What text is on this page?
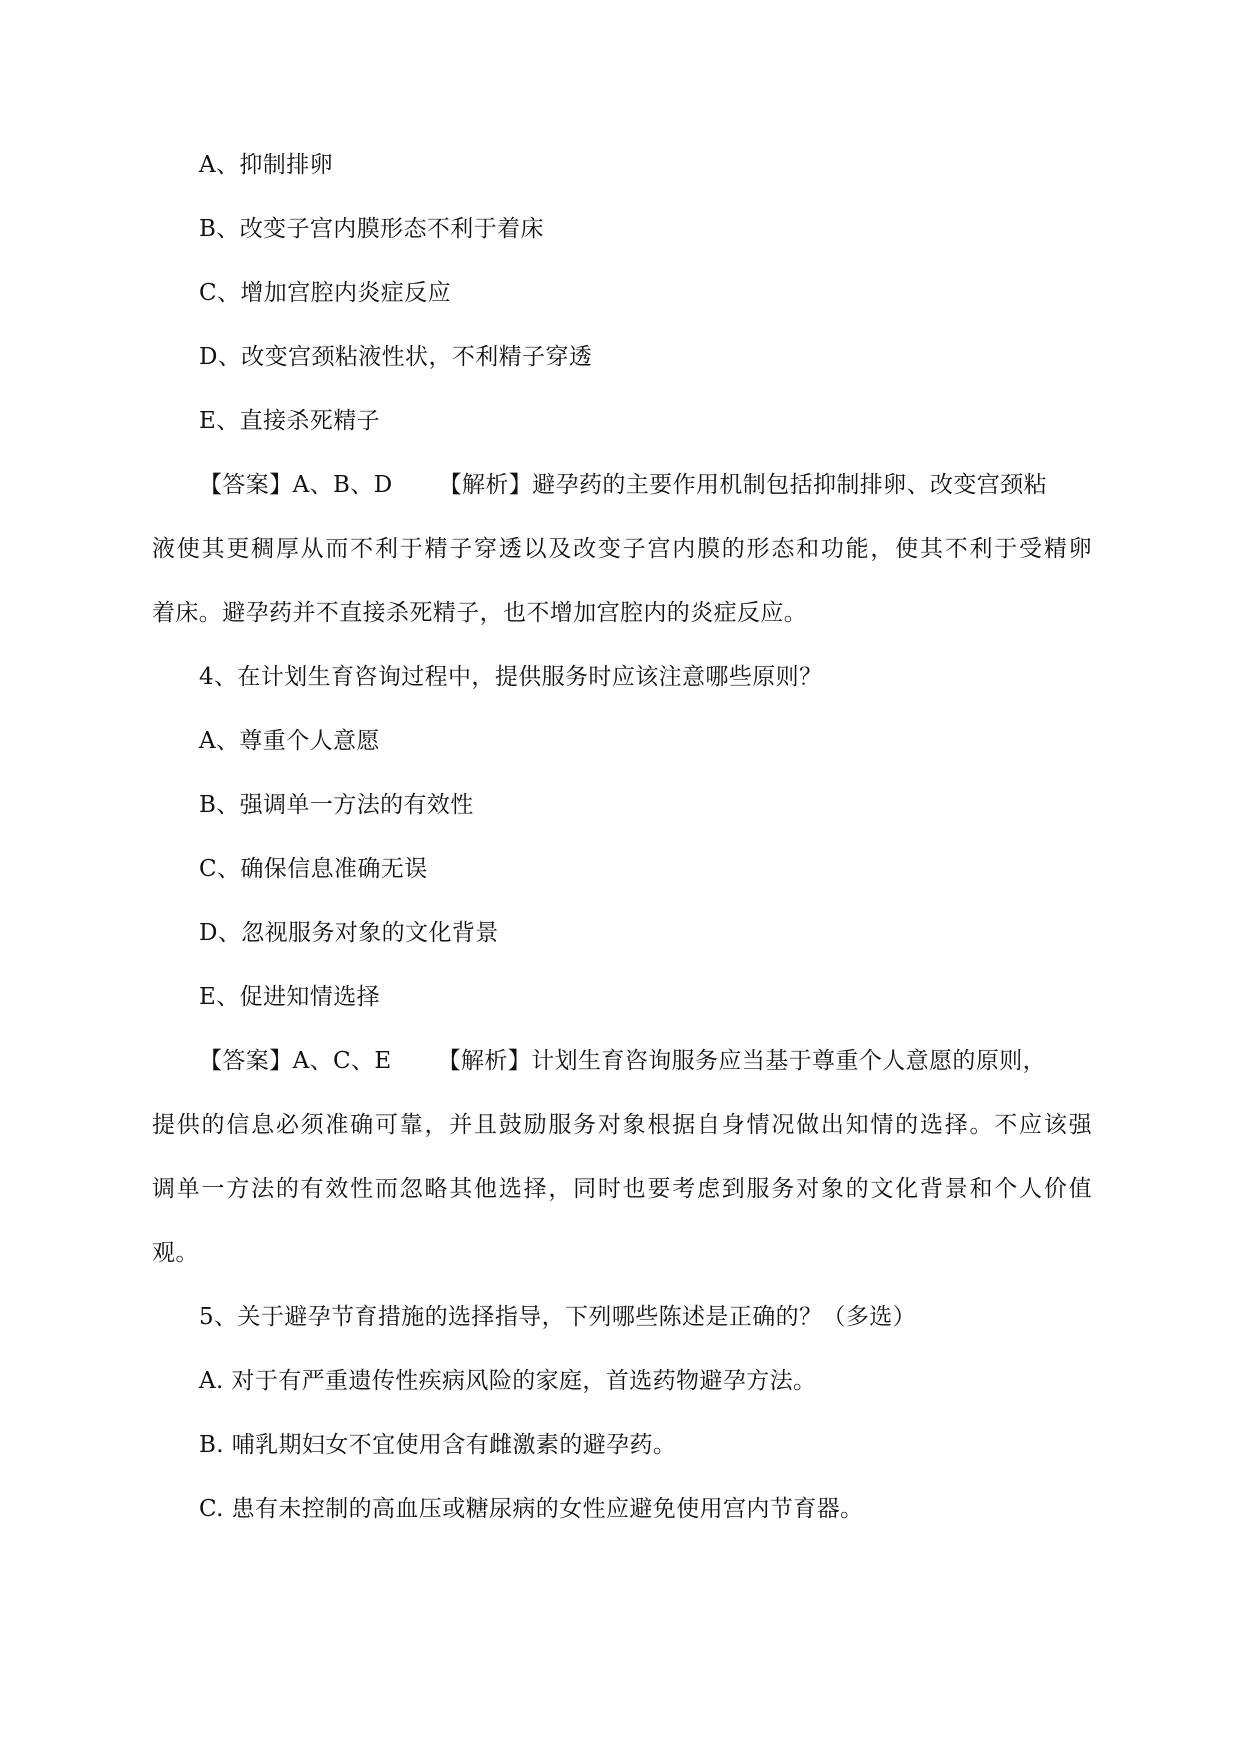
A、抑制排卵
B、改变子宫内膜形态不利于着床
C、增加宫腔内炎症反应
D、改变宫颈粘液性状，不利精子穿透
E、直接杀死精子
【答案】A、B、D 【解析】避孕药的主要作用机制包括抑制排卵、改变宫颈粘
液使其更稠厚从而不利于精子穿透以及改变子宫内膜的形态和功能，使其不利于受精卵
着床。避孕药并不直接杀死精子，也不增加宫腔内的炎症反应。
4、在计划生育咨询过程中，提供服务时应该注意哪些原则？
A、尊重个人意愿
B、强调单一方法的有效性
C、确保信息准确无误
D、忽视服务对象的文化背景
E、促进知情选择
【答案】A、C、E 【解析】计划生育咨询服务应当基于尊重个人意愿的原则，
提供的信息必须准确可靠，并且鼓励服务对象根据自身情况做出知情的选择。不应该强
调单一方法的有效性而忽略其他选择，同时也要考虑到服务对象的文化背景和个人价值
观。
5、关于避孕节育措施的选择指导，下列哪些陈述是正确的？（多选）
A. 对于有严重遗传性疾病风险的家庭，首选药物避孕方法。
B. 哺乳期妇女不宜使用含有雌激素的避孕药。
C. 患有未控制的高血压或糖尿病的女性应避免使用宫内节育器。
